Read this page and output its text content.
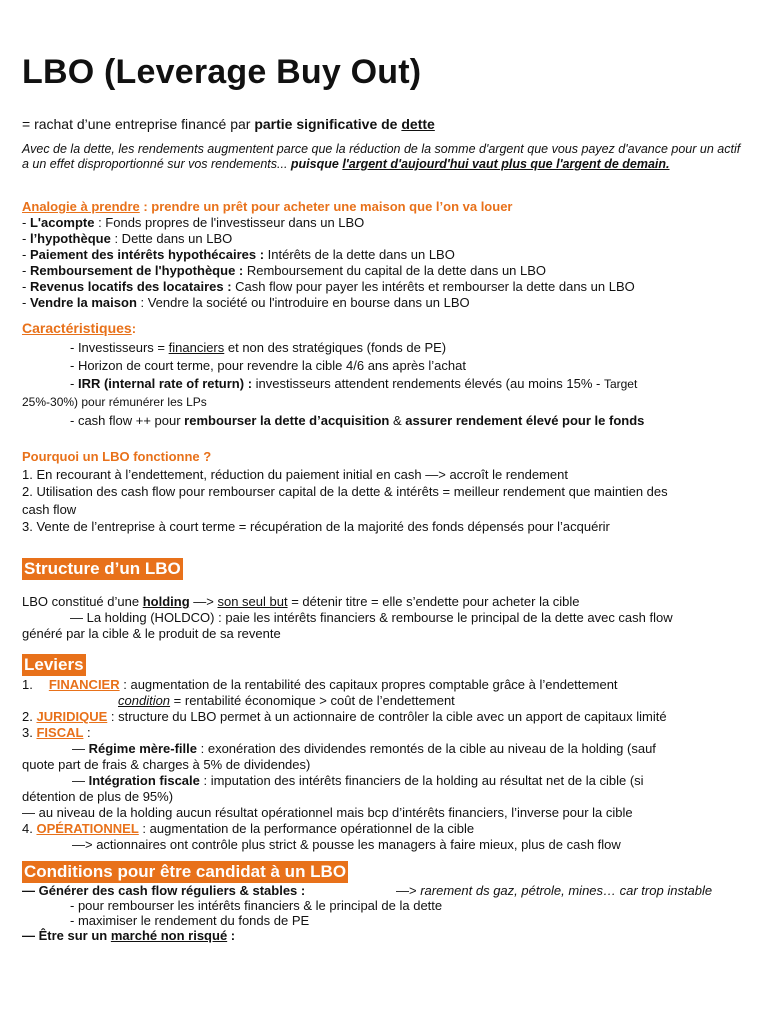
LBO (Leverage Buy Out)
= rachat d’une entreprise financé par partie significative de dette
Avec de la dette, les rendements augmentent parce que la réduction de la somme d'argent que vous payez d'avance pour un actif a un effet disproportionné sur vos rendements... puisque l'argent d'aujourd'hui vaut plus que l'argent de demain.
Analogie à prendre : prendre un prêt pour acheter une maison que l’on va louer
- L'acompte : Fonds propres de l'investisseur dans un LBO
- l’hypothèque : Dette dans un LBO
- Paiement des intérêts hypothécaires : Intérêts de la dette dans un LBO
- Remboursement de l'hypothèque : Remboursement du capital de la dette dans un LBO
- Revenus locatifs des locataires : Cash flow pour payer les intérêts et rembourser la dette dans un LBO
- Vendre la maison : Vendre la société ou l'introduire en bourse dans un LBO
Caractéristiques:
- Investisseurs = financiers et non des stratégiques (fonds de PE)
- Horizon de court terme, pour revendre la cible 4/6 ans après l’achat
- IRR (internal rate of return) : investisseurs attendent rendements élevés (au moins 15% - Target
25%-30%) pour rémunérer les LPs
- cash flow ++ pour rembourser la dette d’acquisition & assurer rendement élevé pour le fonds
Pourquoi un LBO fonctionne ?
1. En recourant à l’endettement, réduction du paiement initial en cash —> accroît le rendement
2. Utilisation des cash flow pour rembourser capital de la dette & intérêts = meilleur rendement que maintien des
cash flow
3. Vente de l’entreprise à court terme = récupération de la majorité des fonds dépensés pour l’acquérir
Structure d’un LBO
LBO constitué d’une holding —> son seul but = détenir titre = elle s’endette pour acheter la cible
— La holding (HOLDCO) : paie les intérêts financiers & rembourse le principal de la dette avec cash flow
généré par la cible & le produit de sa revente
Leviers
1. FINANCIER : augmentation de la rentabilité des capitaux propres comptable grâce à l’endettement
condition = rentabilité économique > coût de l’endettement
2. JURIDIQUE : structure du LBO permet à un actionnaire de contrôler la cible avec un apport de capitaux limité
3. FISCAL :
— Régime mère-fille : exonération des dividendes remontés de la cible au niveau de la holding (sauf
quote part de frais & charges à 5% de dividendes)
— Intégration fiscale : imputation des intérêts financiers de la holding au résultat net de la cible (si
détention de plus de 95%)
— au niveau de la holding aucun résultat opérationnel mais bcp d’intérêts financiers, l’inverse pour la cible
4. OPÉRATIONNEL : augmentation de la performance opérationnel de la cible
—> actionnaires ont contrôle plus strict & pousse les managers à faire mieux, plus de cash flow
Conditions pour être candidat à un LBO
— Générer des cash flow réguliers & stables :	—> rarement ds gaz, pétrole, mines… car trop instable
- pour rembourser les intérêts financiers & le principal de la dette
- maximiser le rendement du fonds de PE
— Être sur un marché non risqué :
